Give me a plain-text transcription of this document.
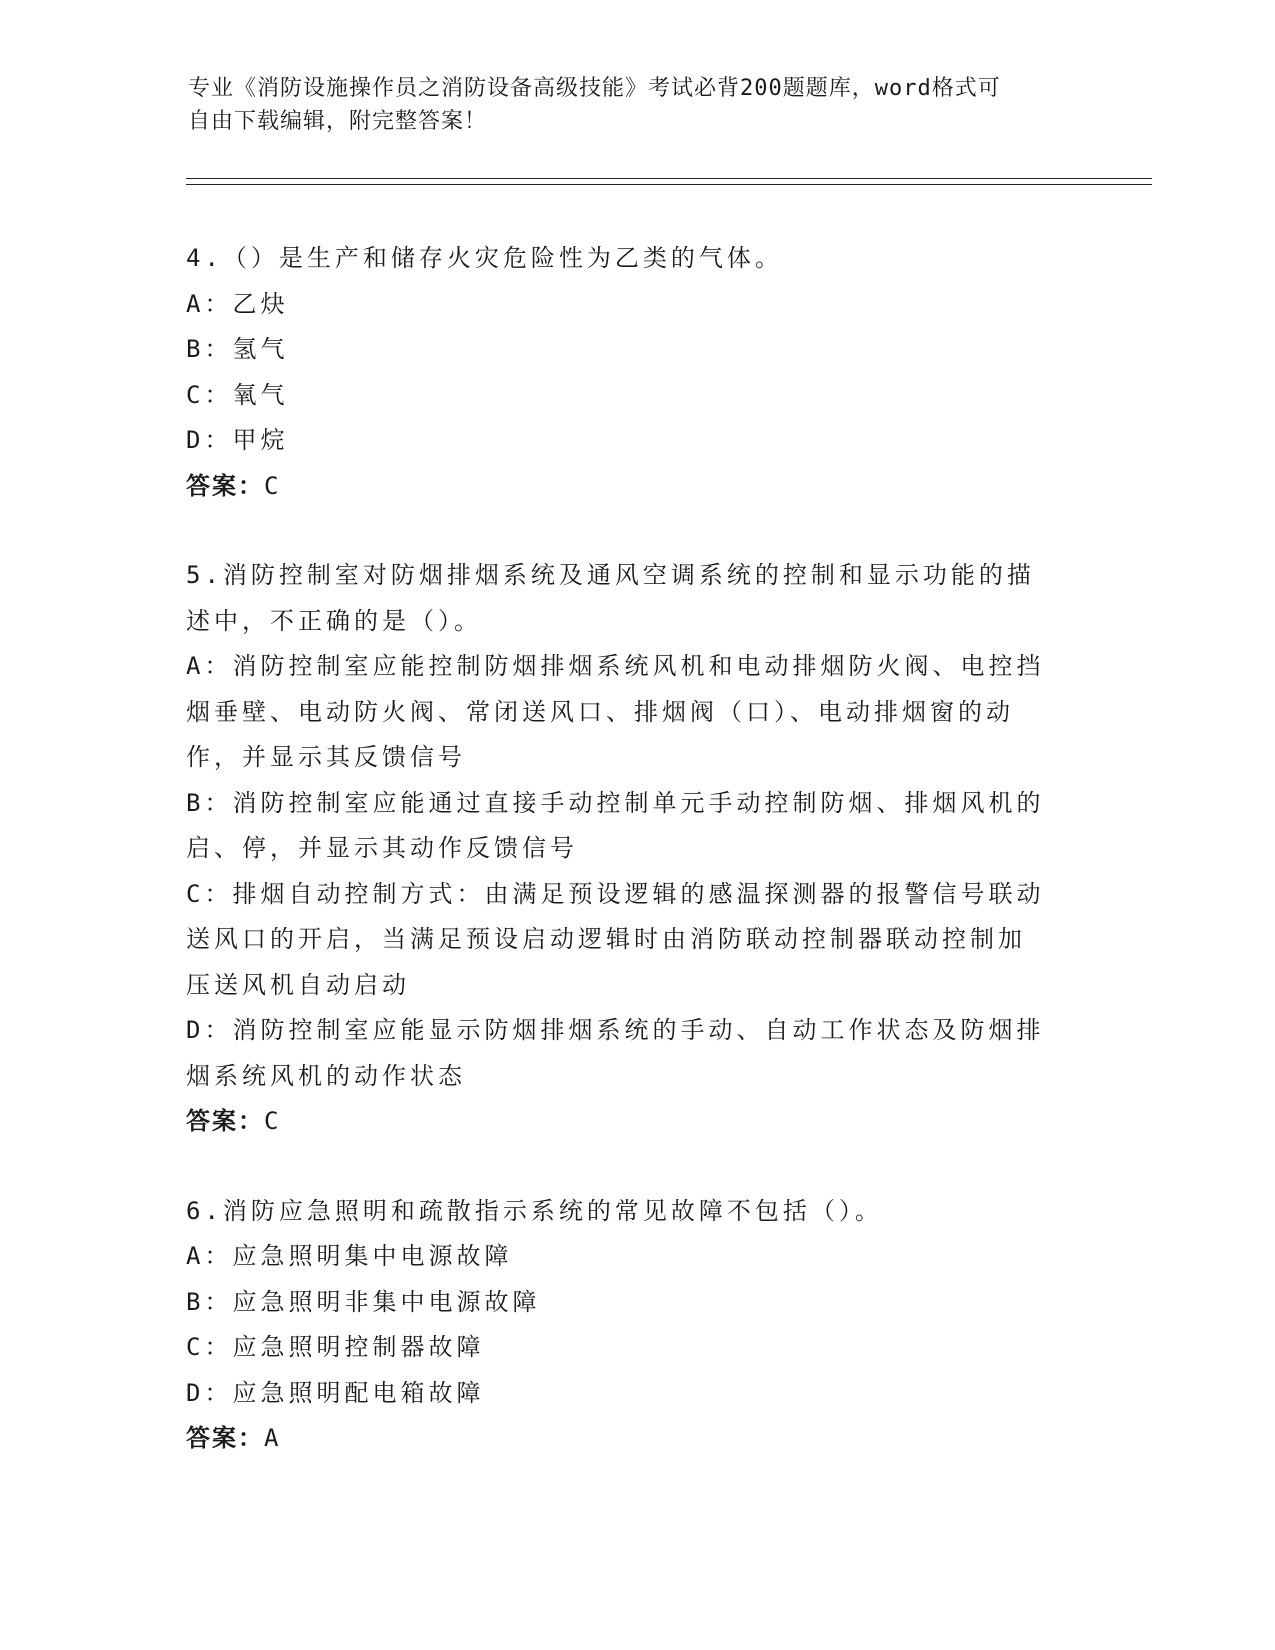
专业《消防设施操作员之消防设备高级技能》考试必背200题题库，word格式可
自由下载编辑，附完整答案！
4.（）是生产和储存火灾危险性为乙类的气体。
A：乙炔
B：氢气
C：氧气
D：甲烷
答案：C
5.消防控制室对防烟排烟系统及通风空调系统的控制和显示功能的描
述中，不正确的是（）。
A：消防控制室应能控制防烟排烟系统风机和电动排烟防火阀、电控挡
烟垂壁、电动防火阀、常闭送风口、排烟阀（口）、电动排烟窗的动
作，并显示其反馈信号
B：消防控制室应能通过直接手动控制单元手动控制防烟、排烟风机的
启、停，并显示其动作反馈信号
C：排烟自动控制方式：由满足预设逻辑的感温探测器的报警信号联动
送风口的开启，当满足预设启动逻辑时由消防联动控制器联动控制加
压送风机自动启动
D：消防控制室应能显示防烟排烟系统的手动、自动工作状态及防烟排
烟系统风机的动作状态
答案：C
6.消防应急照明和疏散指示系统的常见故障不包括（）。
A：应急照明集中电源故障
B：应急照明非集中电源故障
C：应急照明控制器故障
D：应急照明配电箱故障
答案：A
